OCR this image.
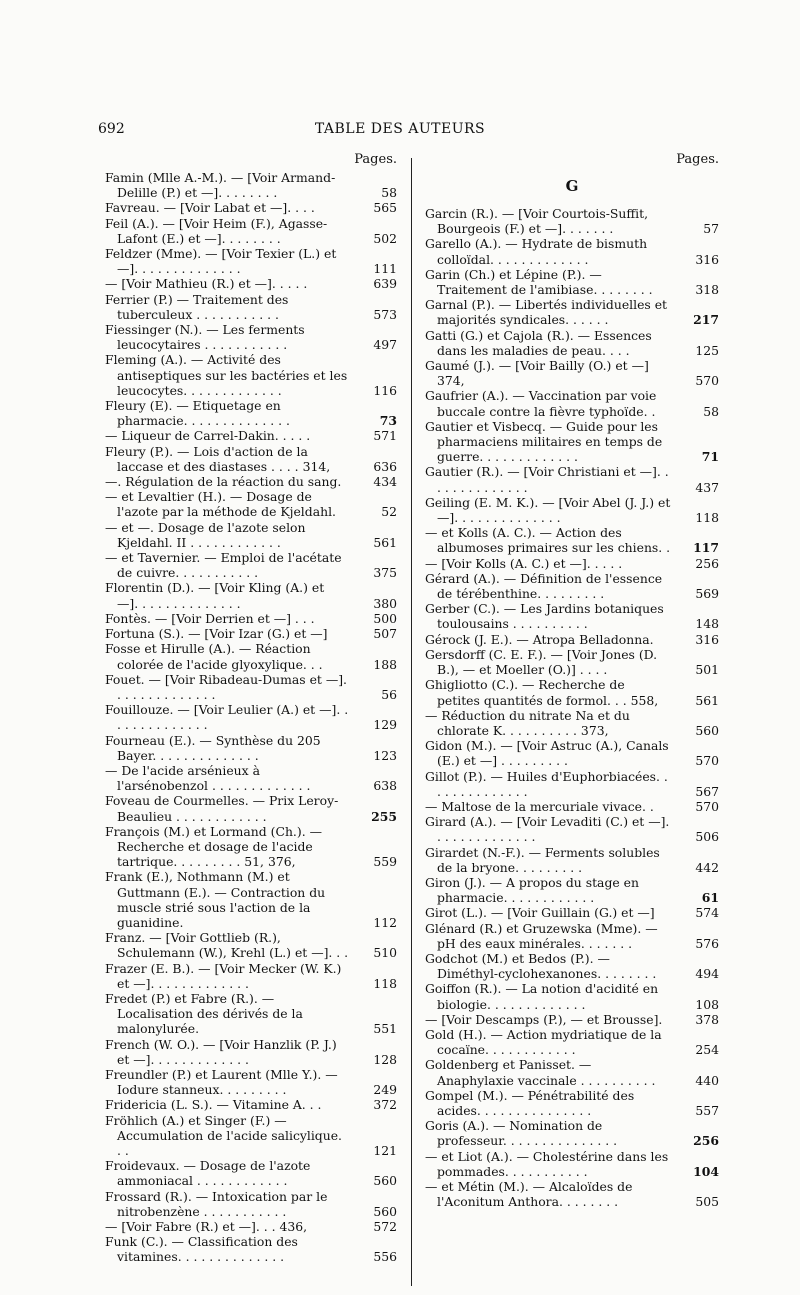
692	TABLE DES AUTEURS
Pages.
Famin (Mlle A.-M.). — [Voir Armand-Delille (P.) et —]. . . . . . . .	58
Favreau. — [Voir Labat et —]. . . .	565
Feil (A.). — [Voir Heim (F.), Agasse-Lafont (E.) et —]. . . . . . . .	502
Feldzer (Mme). — [Voir Texier (L.) et —]. . . . . . . . . . . . . .	111
— [Voir Mathieu (R.) et —]. . . . .	639
Ferrier (P.) — Traitement des tuberculeux . . . . . . . . . . .	573
Fiessinger (N.). — Les ferments leucocytaires . . . . . . . . . . .	497
Fleming (A.). — Activité des antiseptiques sur les bactéries et les leucocytes. . . . . . . . . . . . .	116
Fleury (E). — Etiquetage en pharmacie. . . . . . . . . . . . . .	73
— Liqueur de Carrel-Dakin. . . . .	571
Fleury (P.). — Lois d'action de la laccase et des diastases . . . . 314,	636
—. Régulation de la réaction du sang.	434
— et Levaltier (H.). — Dosage de l'azote par la méthode de Kjeldahl.	52
— et —. Dosage de l'azote selon Kjeldahl. II . . . . . . . . . . . .	561
— et Tavernier. — Emploi de l'acétate de cuivre. . . . . . . . . . .	375
Florentin (D.). — [Voir Kling (A.) et —]. . . . . . . . . . . . . .	380
Fontès. — [Voir Derrien et —] . . .	500
Fortuna (S.). — [Voir Izar (G.) et —]	507
Fosse et Hirulle (A.). — Réaction colorée de l'acide glyoxylique. . .	188
Fouet. — [Voir Ribadeau-Dumas et —]. . . . . . . . . . . . . .	56
Fouillouze. — [Voir Leulier (A.) et —]. . . . . . . . . . . . . .	129
Fourneau (E.). — Synthèse du 205 Bayer. . . . . . . . . . . . . .	123
— De l'acide arsénieux à l'arsénobenzol . . . . . . . . . . . . .	638
Foveau de Courmelles. — Prix Leroy-Beaulieu . . . . . . . . . . . .	255
François (M.) et Lormand (Ch.). — Recherche et dosage de l'acide tartrique. . . . . . . . . 51, 376,	559
Frank (E.), Nothmann (M.) et Guttmann (E.). — Contraction du muscle strié sous l'action de la guanidine.	112
Franz. — [Voir Gottlieb (R.), Schulemann (W.), Krehl (L.) et —]. . . 510
Frazer (E. B.). — [Voir Mecker (W. K.) et —]. . . . . . . . . . . . .	118
Fredet (P.) et Fabre (R.). — Localisation des dérivés de la malonylurée.	551
French (W. O.). — [Voir Hanzlik (P. J.) et —]. . . . . . . . . . . . .	128
Freundler (P.) et Laurent (Mlle Y.). — Iodure stanneux. . . . . . . . .	249
Fridericia (L. S.). — Vitamine A. . .	372
Fröhlich (A.) et Singer (F.) — Accumulation de l'acide salicylique. . .	121
Froidevaux. — Dosage de l'azote ammoniacal . . . . . . . . . . . .	560
Frossard (R.). — Intoxication par le nitrobenzène . . . . . . . . . . .	560
— [Voir Fabre (R.) et —]. . . 436,	572
Funk (C.). — Classification des vitamines. . . . . . . . . . . . . .	556
Pages.
G
Garcin (R.). — [Voir Courtois-Suffit, Bourgeois (F.) et —]. . . . . . .	57
Garello (A.). — Hydrate de bismuth colloïdal. . . . . . . . . . . . .	316
Garin (Ch.) et Lépine (P.). — Traitement de l'amibiase. . . . . . . .	318
Garnal (P.). — Libertés individuelles et majorités syndicales. . . . . .	217
Gatti (G.) et Cajola (R.). — Essences dans les maladies de peau. . . .	125
Gaumé (J.). — [Voir Bailly (O.) et —] 374,	570
Gaufrier (A.). — Vaccination par voie buccale contre la fièvre typhoïde. .	58
Gautier et Visbecq. — Guide pour les pharmaciens militaires en temps de guerre. . . . . . . . . . . . .	71
Gautier (R.). — [Voir Christiani et —]. . . . . . . . . . . . . .	437
Geiling (E. M. K.). — [Voir Abel (J. J.) et —]. . . . . . . . . . . . . .	118
— et Kolls (A. C.). — Action des albumoses primaires sur les chiens. . 117
— [Voir Kolls (A. C.) et —]. . . . .	256
Gérard (A.). — Définition de l'essence de térébenthine. . . . . . . . .	569
Gerber (C.). — Les Jardins botaniques toulousains . . . . . . . . . .	148
Gérock (J. E.). — Atropa Belladonna.	316
Gersdorff (C. E. F.). — [Voir Jones (D. B.), — et Moeller (O.)] . . . .	501
Ghigliotto (C.). — Recherche de petites quantités de formol. . . 558,	561
— Réduction du nitrate Na et du chlorate K. . . . . . . . . . 373,	560
Gidon (M.). — [Voir Astruc (A.), Canals (E.) et —] . . . . . . . . .	570
Gillot (P.). — Huiles d'Euphorbiacées. . . . . . . . . . . . . .	567
— Maltose de la mercuriale vivace. .	570
Girard (A.). — [Voir Levaditi (C.) et —]. . . . . . . . . . . . . .	506
Girardet (N.-F.). — Ferments solubles de la bryone. . . . . . . . .	442
Giron (J.). — A propos du stage en pharmacie. . . . . . . . . . . .	61
Girot (L.). — [Voir Guillain (G.) et —]	574
Glénard (R.) et Gruzewska (Mme). — pH des eaux minérales. . . . . . .	576
Godchot (M.) et Bedos (P.). — Diméthyl-cyclohexanones. . . . . . . .	494
Goiffon (R.). — La notion d'acidité en biologie. . . . . . . . . . . . .	108
— [Voir Descamps (P.), — et Brousse].	378
Gold (H.). — Action mydriatique de la cocaïne. . . . . . . . . . . .	254
Goldenberg et Panisset. — Anaphylaxie vaccinale . . . . . . . . . .	440
Gompel (M.). — Pénétrabilité des acides. . . . . . . . . . . . . . .	557
Goris (A.). — Nomination de professeur. . . . . . . . . . . . . . .	256
— et Liot (A.). — Cholestérine dans les pommades. . . . . . . . . . .	104
— et Métin (M.). — Alcaloïdes de l'Aconitum Anthora. . . . . . . .	505
